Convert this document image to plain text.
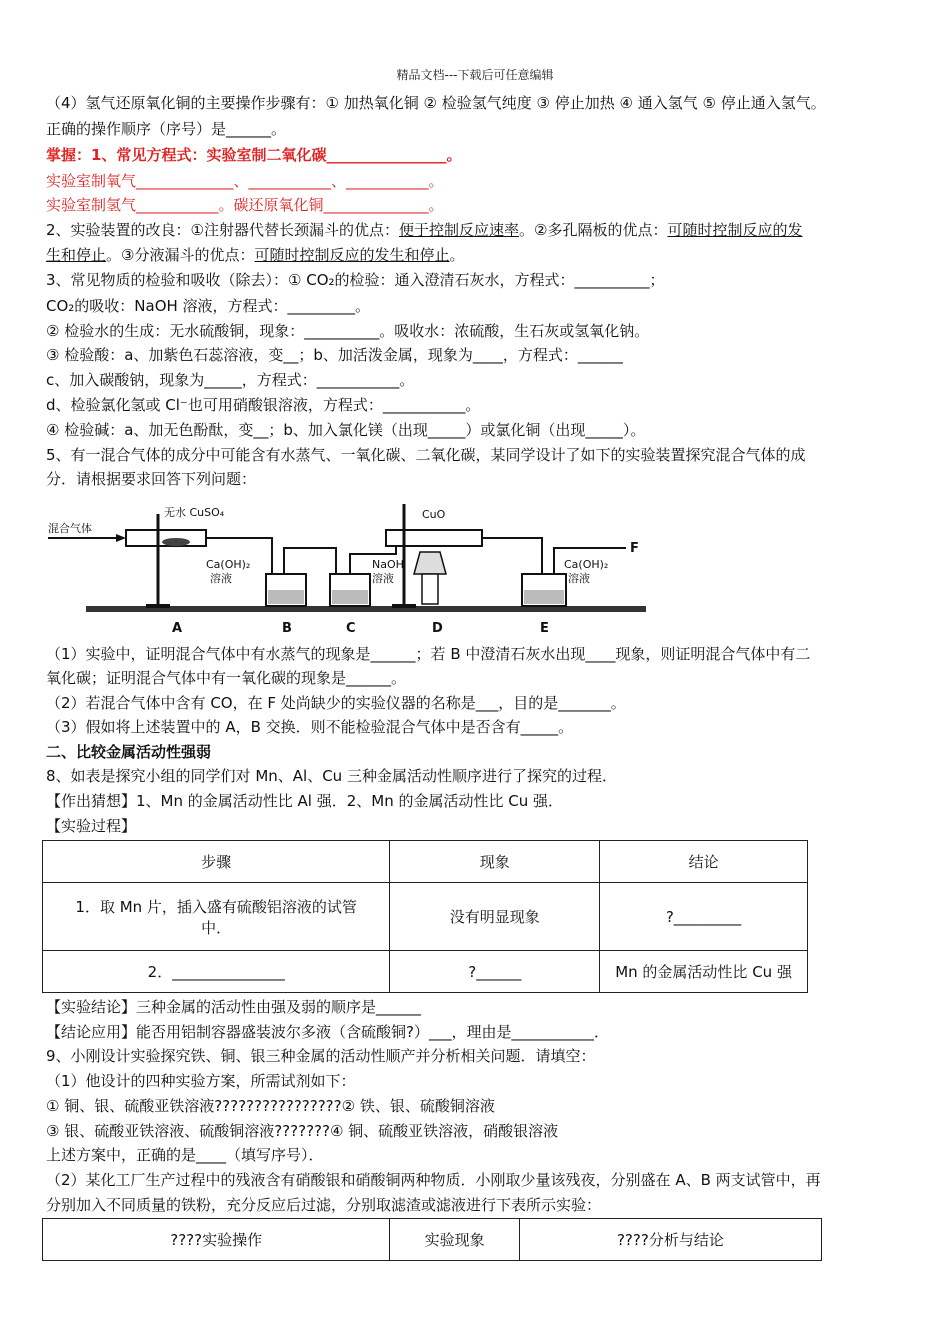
精品文档---下载后可任意编辑
（4）氢气还原氧化铜的主要操作步骤有：① 加热氧化铜 ② 检验氢气纯度 ③ 停止加热 ④ 通入氢气 ⑤ 停止通入氢气。
正确的操作顺序（序号）是______。
掌握：1、常见方程式：实验室制二氧化碳________________。
实验室制氧气_____________、___________、___________。
实验室制氢气___________。碳还原氧化铜______________。
2、实验装置的改良：①注射器代替长颈漏斗的优点：便于控制反应速率。②多孔隔板的优点：可随时控制反应的发
生和停止。③分液漏斗的优点：可随时控制反应的发生和停止。
3、常见物质的检验和吸收（除去）：① CO₂的检验：通入澄清石灰水，方程式：__________；
CO₂的吸收：NaOH 溶液，方程式：_________。
② 检验水的生成：无水硫酸铜，现象：__________。吸收水：浓硫酸，生石灰或氢氧化钠。
③ 检验酸：a、加紫色石蕊溶液，变__；b、加活泼金属，现象为____，方程式：______
c、加入碳酸钠，现象为_____，方程式：___________。
d、检验氯化氢或 Cl⁻也可用硝酸银溶液，方程式：___________。
④ 检验碱：a、加无色酚酞，变__；b、加入氯化镁（出现_____）或氯化铜（出现_____）。
5、有一混合气体的成分中可能含有水蒸气、一氧化碳、二氧化碳，某同学设计了如下的实验装置探究混合气体的成
分．请根据要求回答下列问题：
混合气体
无水 CuSO₄
Ca(OH)₂
溶液
NaOH
溶液
CuO
Ca(OH)₂
溶液
F
A	B	C	D	E
（1）实验中，证明混合气体中有水蒸气的现象是______；若 B 中澄清石灰水出现____现象，则证明混合气体中有二
氧化碳；证明混合气体中有一氧化碳的现象是______。
（2）若混合气体中含有 CO，在 F 处尚缺少的实验仪器的名称是___，目的是_______。
（3）假如将上述装置中的 A，B 交换．则不能检验混合气体中是否含有_____。
二、比较金属活动性强弱
8、如表是探究小组的同学们对 Mn、Al、Cu 三种金属活动性顺序进行了探究的过程．
【作出猜想】1、Mn 的金属活动性比 Al 强．2、Mn 的金属活动性比 Cu 强．
【实验过程】
步骤	现象	结论

1．取 Mn 片，插入盛有硫酸铝溶液的试管
中．	没有明显现象	?_________
2．_______________	?______	Mn 的金属活动性比 Cu 强
【实验结论】三种金属的活动性由强及弱的顺序是______
【结论应用】能否用铝制容器盛装波尔多液（含硫酸铜?）___，理由是___________．
9、小刚设计实验探究铁、铜、银三种金属的活动性顺产并分析相关问题．请填空：
（1）他设计的四种实验方案，所需试剂如下：
① 铜、银、硫酸亚铁溶液????????????????② 铁、银、硫酸铜溶液
③ 银、硫酸亚铁溶液、硫酸铜溶液???????④ 铜、硫酸亚铁溶液，硝酸银溶液
上述方案中，正确的是____（填写序号）．
（2）某化工厂生产过程中的残液含有硝酸银和硝酸铜两种物质．小刚取少量该残夜，分别盛在 A、B 两支试管中，再
分别加入不同质量的铁粉，充分反应后过滤，分别取滤渣或滤液进行下表所示实验：
????实验操作	实验现象	????分析与结论
